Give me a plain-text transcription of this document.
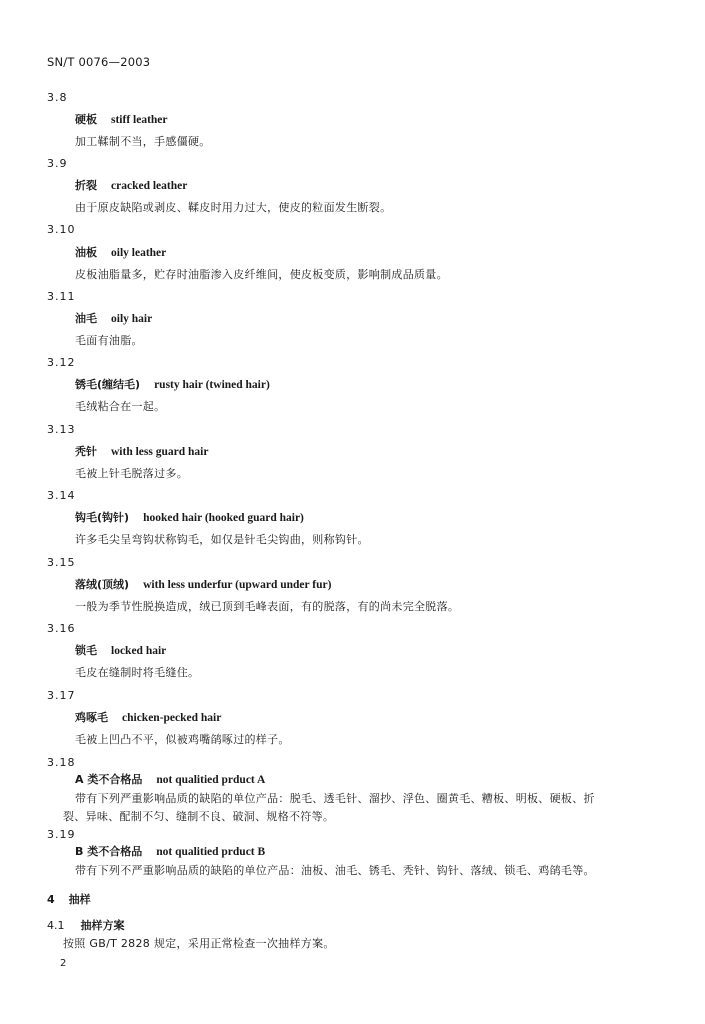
SN/T 0076—2003
3.8
硬板 stiff leather
加工鞣制不当，手感僵硬。
3.9
折裂 cracked leather
由于原皮缺陷或剥皮、鞣皮时用力过大，使皮的粒面发生断裂。
3.10
油板 oily leather
皮板油脂量多，贮存时油脂渗入皮纤维间，使皮板变质，影响制成品质量。
3.11
油毛 oily hair
毛面有油脂。
3.12
锈毛(缠结毛) rusty hair (twined hair)
毛绒粘合在一起。
3.13
秃针 with less guard hair
毛被上针毛脱落过多。
3.14
钩毛(钩针) hooked hair (hooked guard hair)
许多毛尖呈弯钩状称钩毛，如仅是针毛尖钩曲，则称钩针。
3.15
落绒(顶绒) with less underfur (upward under fur)
一般为季节性脱换造成，绒已顶到毛峰表面，有的脱落，有的尚未完全脱落。
3.16
锁毛 locked hair
毛皮在缝制时将毛缝住。
3.17
鸡啄毛 chicken-pecked hair
毛被上凹凸不平，似被鸡嘴鹐啄过的样子。
3.18
A 类不合格品 not qualitied prduct A
带有下列严重影响品质的缺陷的单位产品：脱毛、透毛针、溜抄、浮色、圈黄毛、糟板、明板、硬板、折
裂、异味、配制不匀、缝制不良、破洞、规格不符等。
3.19
B 类不合格品 not qualitied prduct B
带有下列不严重影响品质的缺陷的单位产品：油板、油毛、锈毛、秃针、钩针、落绒、锁毛、鸡鹐毛等。
4 抽样
4.1 抽样方案
按照 GB/T 2828 规定，采用正常检查一次抽样方案。
2
